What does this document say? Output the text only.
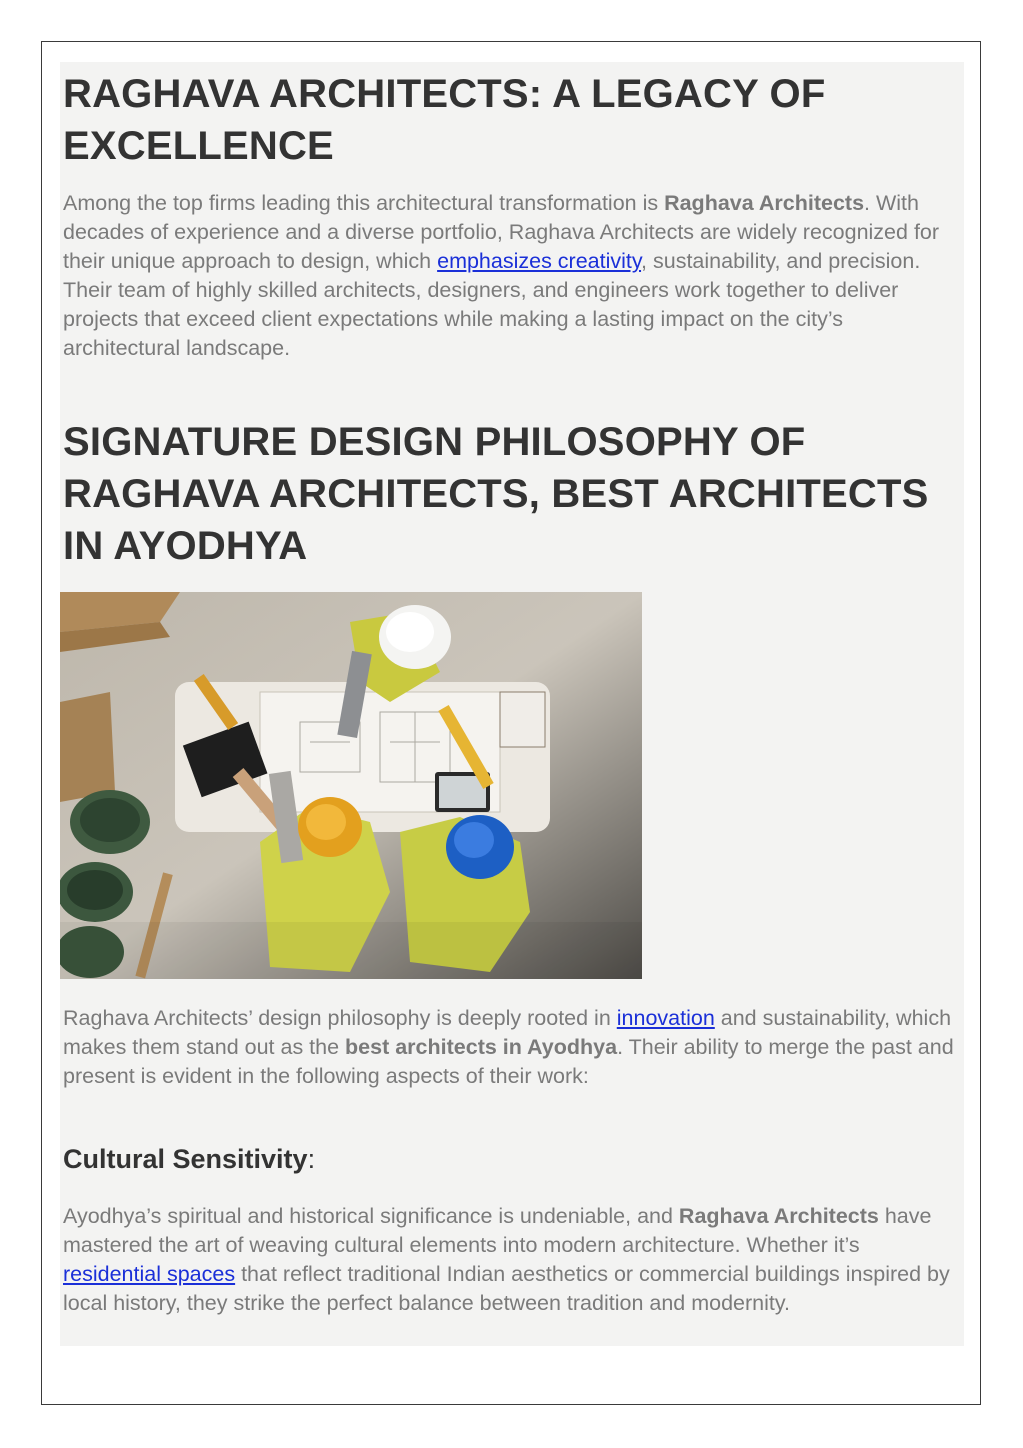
RAGHAVA ARCHITECTS: A LEGACY OF
EXCELLENCE

Among the top firms leading this architectural transformation is Raghava Architects. With decades of experience and a diverse portfolio, Raghava Architects are widely recognized for their unique approach to design, which emphasizes creativity, sustainability, and precision. Their team of highly skilled architects, designers, and engineers work together to deliver projects that exceed client expectations while making a lasting impact on the city’s architectural landscape.

SIGNATURE DESIGN PHILOSOPHY OF
RAGHAVA ARCHITECTS, BEST ARCHITECTS
IN AYODHYA

Raghava Architects’ design philosophy is deeply rooted in innovation and sustainability, which makes them stand out as the best architects in Ayodhya. Their ability to merge the past and present is evident in the following aspects of their work:

Cultural Sensitivity:

Ayodhya’s spiritual and historical significance is undeniable, and Raghava Architects have mastered the art of weaving cultural elements into modern architecture. Whether it’s residential spaces that reflect traditional Indian aesthetics or commercial buildings inspired by local history, they strike the perfect balance between tradition and modernity.
